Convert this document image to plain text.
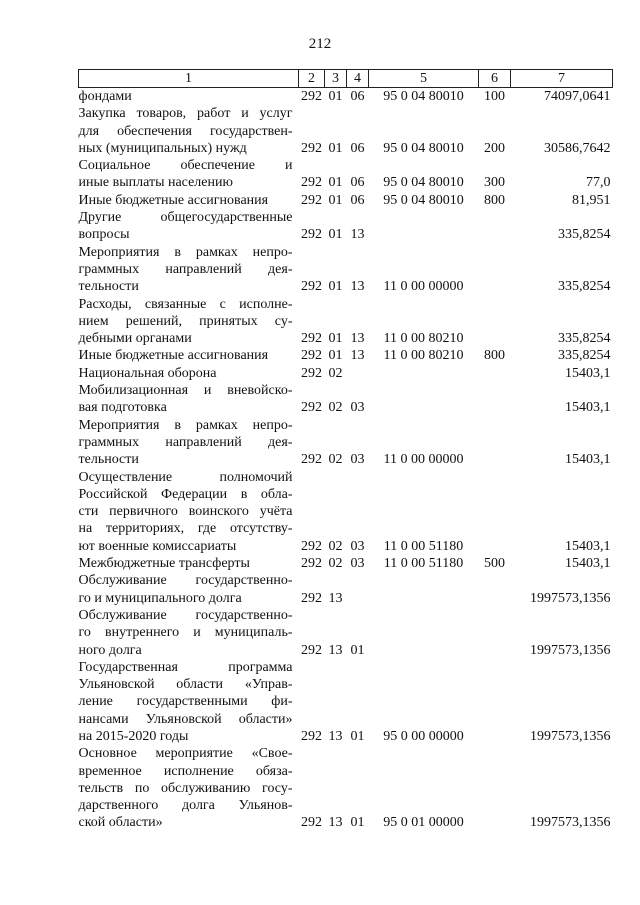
212
1	2	3	4	5	6	7

фондами	292	01	06	95 0 04 80010	100	74097,0641

Закупка товаров, работ и услуг
для обеспечения государствен-
ных (муниципальных) нужд	292	01	06	95 0 04 80010	200	30586,7642

Социальное обеспечение и
иные выплаты населению	292	01	06	95 0 04 80010	300	77,0

Иные бюджетные ассигнования	292	01	06	95 0 04 80010	800	81,951

Другие общегосударственные
вопросы	292	01	13			335,8254

Мероприятия в рамках непро-
граммных направлений дея-
тельности	292	01	13	11 0 00 00000		335,8254

Расходы, связанные с исполне-
нием решений, принятых су-
дебными органами	292	01	13	11 0 00 80210		335,8254

Иные бюджетные ассигнования	292	01	13	11 0 00 80210	800	335,8254

Национальная оборона	292	02				15403,1

Мобилизационная и вневойско-
вая подготовка	292	02	03			15403,1

Мероприятия в рамках непро-
граммных направлений дея-
тельности	292	02	03	11 0 00 00000		15403,1

Осуществление полномочий
Российской Федерации в обла-
сти первичного воинского учёта
на территориях, где отсутству-
ют военные комиссариаты	292	02	03	11 0 00 51180		15403,1

Межбюджетные трансферты	292	02	03	11 0 00 51180	500	15403,1

Обслуживание государственно-
го и муниципального долга	292	13				1997573,1356

Обслуживание государственно-
го внутреннего и муниципаль-
ного долга	292	13	01			1997573,1356

Государственная программа
Ульяновской области «Управ-
ление государственными фи-
нансами Ульяновской области»
на 2015-2020 годы	292	13	01	95 0 00 00000		1997573,1356

Основное мероприятие «Свое-
временное исполнение обяза-
тельств по обслуживанию госу-
дарственного долга Ульянов-
ской области»	292	13	01	95 0 01 00000		1997573,1356
